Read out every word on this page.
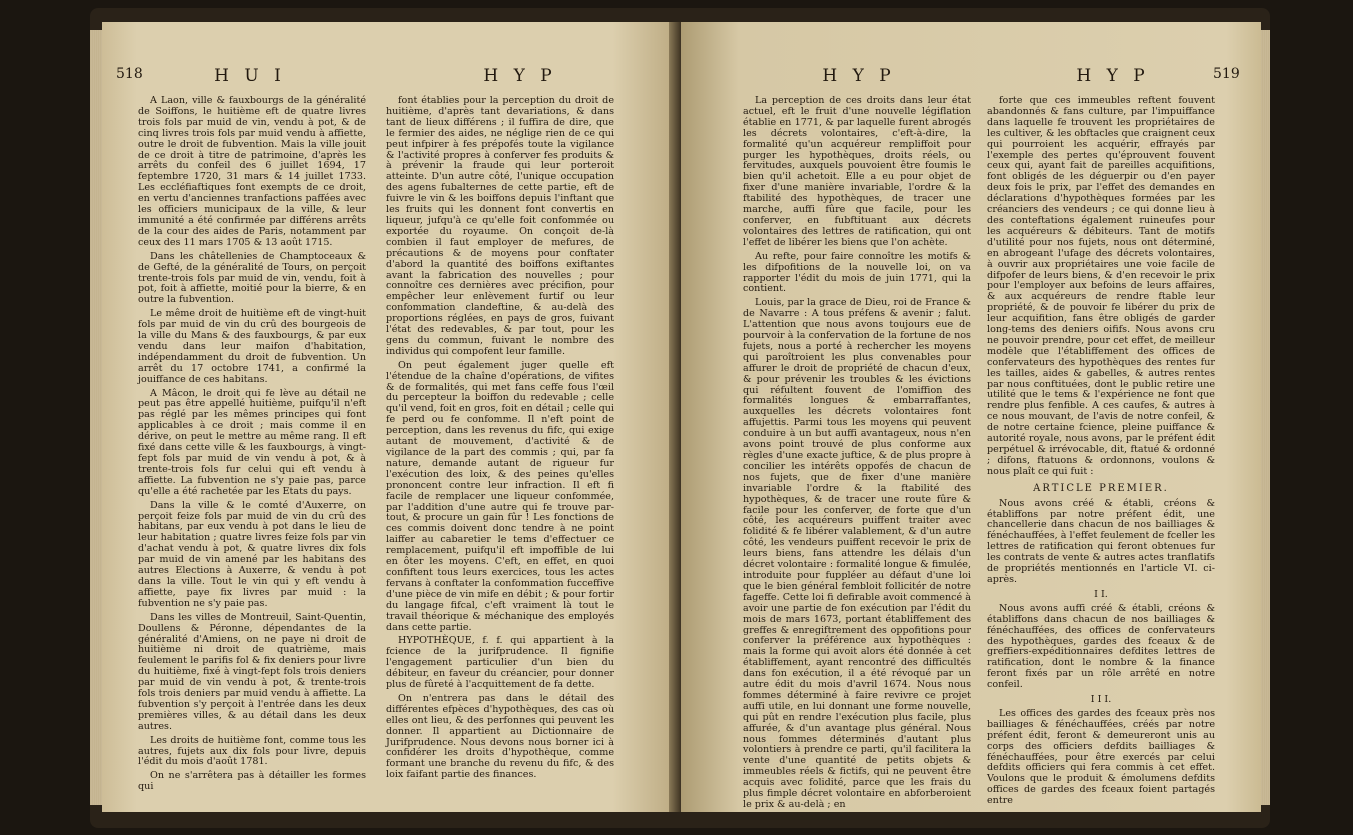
518	H U I	H Y P

A Laon, ville & fauxbourgs de la généralité de Soiffons, le huitième eft de quatre livres trois fols par muid de vin, vendu à pot, & de cinq livres trois fols par muid vendu à affiette, outre le droit de fubvention. Mais la ville jouit de ce droit à titre de patrimoine, d'après les arrêts du confeil des 6 juillet 1694, 17 feptembre 1720, 31 mars & 14 juillet 1733. Les eccléfiaftiques font exempts de ce droit, en vertu d'anciennes tranfactions paffées avec les officiers municipaux de la ville, & leur immunité a été confirmée par différens arrêts de la cour des aides de Paris, notamment par ceux des 11 mars 1705 & 13 août 1715.

Dans les châtellenies de Champtoceaux & de Gefté, de la généralité de Tours, on perçoit trente-trois fols par muid de vin, vendu, foit à pot, foit à affiette, moitié pour la bierre, & en outre la fubvention.

Le même droit de huitième eft de vingt-huit fols par muid de vin du crû des bourgeois de la ville du Mans & des fauxbourgs, & par eux vendu dans leur maifon d'habitation, indépendamment du droit de fubvention. Un arrêt du 17 octobre 1741, a confirmé la jouiffance de ces habitans.

A Mâcon, le droit qui fe lève au détail ne peut pas être appellé huitième, puifqu'il n'eft pas réglé par les mêmes principes qui font applicables à ce droit ; mais comme il en dérive, on peut le mettre au même rang. Il eft fixé dans cette ville & les fauxbourgs, à vingt-fept fols par muid de vin vendu à pot, & à trente-trois fols fur celui qui eft vendu à affiette. La fubvention ne s'y paie pas, parce qu'elle a été rachetée par les Etats du pays.

Dans la ville & le comté d'Auxerre, on perçoit feize fols par muid de vin du crû des habitans, par eux vendu à pot dans le lieu de leur habitation ; quatre livres feize fols par vin d'achat vendu à pot, & quatre livres dix fols par muid de vin amené par les habitans des autres Elections à Auxerre, & vendu à pot dans la ville. Tout le vin qui y eft vendu à affiette, paye fix livres par muid : la fubvention ne s'y paie pas.

Dans les villes de Montreuil, Saint-Quentin, Doullens & Péronne, dépendantes de la généralité d'Amiens, on ne paye ni droit de huitième ni droit de quatrième, mais feulement le parifis fol & fix deniers pour livre du huitième, fixé à vingt-fept fols trois deniers par muid de vin vendu à pot, & trente-trois fols trois deniers par muid vendu à affiette. La fubvention s'y perçoit à l'entrée dans les deux premières villes, & au détail dans les deux autres.

Les droits de huitième font, comme tous les autres, fujets aux dix fols pour livre, depuis l'édit du mois d'août 1781.

On ne s'arrêtera pas à détailler les formes qui

font établies pour la perception du droit de huitième, d'après tant devariations, & dans tant de lieux différens ; il fuffira de dire, que le fermier des aides, ne néglige rien de ce qui peut infpirer à fes prépofés toute la vigilance & l'activité propres à conferver fes produits & à prévenir la fraude qui leur porteroit atteinte. D'un autre côté, l'unique occupation des agens fubalternes de cette partie, eft de fuivre le vin & les boiffons depuis l'inftant que les fruits qui les donnent font convertis en liqueur, jufqu'à ce qu'elle foit confommée ou exportée du royaume. On conçoit de-là combien il faut employer de mefures, de précautions & de moyens pour conftater d'abord la quantité des boiffons exiftantes avant la fabrication des nouvelles ; pour connoître ces dernières avec précifion, pour empêcher leur enlèvement furtif ou leur confommation clandeftine, & au-delà des proportions réglées, en pays de gros, fuivant l'état des redevables, & par tout, pour les gens du commun, fuivant le nombre des individus qui compofent leur famille.

On peut également juger quelle eft l'étendue de la chaîne d'opérations, de vifites & de formalités, qui met fans ceffe fous l'œil du percepteur la boiffon du redevable ; celle qu'il vend, foit en gros, foit en détail ; celle qui fe perd ou fe confomme. Il n'eft point de perception, dans les revenus du fifc, qui exige autant de mouvement, d'activité & de vigilance de la part des commis ; qui, par fa nature, demande autant de rigueur fur l'exécution des loix, & des peines qu'elles prononcent contre leur infraction. Il eft fi facile de remplacer une liqueur confommée, par l'addition d'une autre qui fe trouve par-tout, & procure un gain fûr ! Les fonctions de ces commis doivent donc tendre à ne point laiffer au cabaretier le tems d'effectuer ce remplacement, puifqu'il eft impoffible de lui en ôter les moyens. C'eft, en effet, en quoi confiftent tous leurs exercices, tous les actes fervans à conftater la confommation fucceffive d'une pièce de vin mife en débit ; & pour fortir du langage fifcal, c'eft vraiment là tout le travail théorique & méchanique des employés dans cette partie.

HYPOTHÈQUE, f. f. qui appartient à la fcience de la jurifprudence. Il fignifie l'engagement particulier d'un bien du débiteur, en faveur du créancier, pour donner plus de fûreté à l'acquittement de fa dette.

On n'entrera pas dans le détail des différentes efpèces d'hypothèques, des cas où elles ont lieu, & des perfonnes qui peuvent les donner. Il appartient au Dictionnaire de Jurifprudence. Nous devons nous borner ici à confidérer les droits d'hypothèque, comme formant une branche du revenu du fifc, & des loix faifant partie des finances.

H Y P	H Y P	519

La perception de ces droits dans leur état actuel, eft le fruit d'une nouvelle légiflation établie en 1771, & par laquelle furent abrogés les décrets volontaires, c'eft-à-dire, la formalité qu'un acquéreur rempliffoit pour purger les hypothèques, droits réels, ou fervitudes, auxquels pouvoient être foumis le bien qu'il achetoit. Elle a eu pour objet de fixer d'une manière invariable, l'ordre & la ftabilité des hypothèques, de tracer une marche, auffi fûre que facile, pour les conferver, en fubftituant aux décrets volontaires des lettres de ratification, qui ont l'effet de libérer les biens que l'on achète.

Au refte, pour faire connoître les motifs & les difpofitions de la nouvelle loi, on va rapporter l'édit du mois de juin 1771, qui la contient.

Louis, par la grace de Dieu, roi de France & de Navarre : A tous préfens & avenir ; falut. L'attention que nous avons toujours eue de pourvoir à la confervation de la fortune de nos fujets, nous a porté à rechercher les moyens qui paroîtroient les plus convenables pour affurer le droit de propriété de chacun d'eux, & pour prévenir les troubles & les évictions qui réfultent fouvent de l'omiffion des formalités longues & embarraffantes, auxquelles les décrets volontaires font affujettis. Parmi tous les moyens qui peuvent conduire à un but auffi avantageux, nous n'en avons point trouvé de plus conforme aux règles d'une exacte juftice, & de plus propre à concilier les intérêts oppofés de chacun de nos fujets, que de fixer d'une manière invariable l'ordre & la ftabilité des hypothèques, & de tracer une route fûre & facile pour les conferver, de forte que d'un côté, les acquéreurs puiffent traiter avec folidité & fe libérer valablement, & d'un autre côté, les vendeurs puiffent recevoir le prix de leurs biens, fans attendre les délais d'un décret volontaire : formalité longue & fimulée, introduite pour fuppléer au défaut d'une loi que le bien général fembloit follicitér de notre fageffe. Cette loi fi defirable avoit commencé à avoir une partie de fon exécution par l'édit du mois de mars 1673, portant établiffement des greffes & enregiftrement des oppofitions pour conferver la préférence aux hypothèques : mais la forme qui avoit alors été donnée à cet établiffement, ayant rencontré des difficultés dans fon exécution, il a été révoqué par un autre édit du mois d'avril 1674. Nous nous fommes déterminé à faire revivre ce projet auffi utile, en lui donnant une forme nouvelle, qui pût en rendre l'exécution plus facile, plus affurée, & d'un avantage plus général. Nous nous fommes déterminés d'autant plus volontiers à prendre ce parti, qu'il facilitera la vente d'une quantité de petits objets & immeubles réels & fictifs, qui ne peuvent être acquis avec folidité, parce que les frais du plus fimple décret volontaire en abforberoient le prix & au-delà ; en

forte que ces immeubles reftent fouvent abandonnés & fans culture, par l'impuiffance dans laquelle fe trouvent les propriétaires de les cultiver, & les obftacles que craignent ceux qui pourroient les acquérir, effrayés par l'exemple des pertes qu'éprouvent fouvent ceux qui, ayant fait de pareilles acquifitions, font obligés de les déguerpir ou d'en payer deux fois le prix, par l'effet des demandes en déclarations d'hypothèques formées par les créanciers des vendeurs ; ce qui donne lieu à des conteftations également ruineufes pour les acquéreurs & débiteurs. Tant de motifs d'utilité pour nos fujets, nous ont déterminé, en abrogeant l'ufage des décrets volontaires, à ouvrir aux propriétaires une voie facile de difpofer de leurs biens, & d'en recevoir le prix pour l'employer aux befoins de leurs affaires, & aux acquéreurs de rendre ftable leur propriété, & de pouvoir fe libérer du prix de leur acquifition, fans être obligés de garder long-tems des deniers oififs. Nous avons cru ne pouvoir prendre, pour cet effet, de meilleur modèle que l'établiffement des offices de confervateurs des hypothèques des rentes fur les tailles, aides & gabelles, & autres rentes par nous conftituées, dont le public retire une utilité que le tems & l'expérience ne font que rendre plus fenfible. A ces caufes, & autres à ce nous mouvant, de l'avis de notre confeil, & de notre certaine fcience, pleine puiffance & autorité royale, nous avons, par le préfent édit perpétuel & irrévocable, dit, ftatué & ordonné ; difons, ftatuons & ordonnons, voulons & nous plaît ce qui fuit :

ARTICLE PREMIER.

Nous avons créé & établi, créons & établiffons par notre préfent édit, une chancellerie dans chacun de nos bailliages & fénéchauffées, à l'effet feulement de fceller les lettres de ratification qui feront obtenues fur les contrats de vente & autres actes tranflatifs de propriétés mentionnés en l'article VI. ci-après.

I I.

Nous avons auffi créé & établi, créons & établiffons dans chacun de nos bailliages & fénéchauffées, des offices de confervateurs des hypothèques, gardes des fceaux & de greffiers-expéditionnaires defdites lettres de ratification, dont le nombre & la finance feront fixés par un rôle arrêté en notre confeil.

I I I.

Les offices des gardes des fceaux près nos bailliages & fénéchauffées, créés par notre préfent édit, feront & demeureront unis au corps des officiers defdits bailliages & fénéchauffées, pour être exercés par celui defdits officiers qui fera commis à cet effet. Voulons que le produit & émolumens defdits offices de gardes des fceaux foient partagés entre
